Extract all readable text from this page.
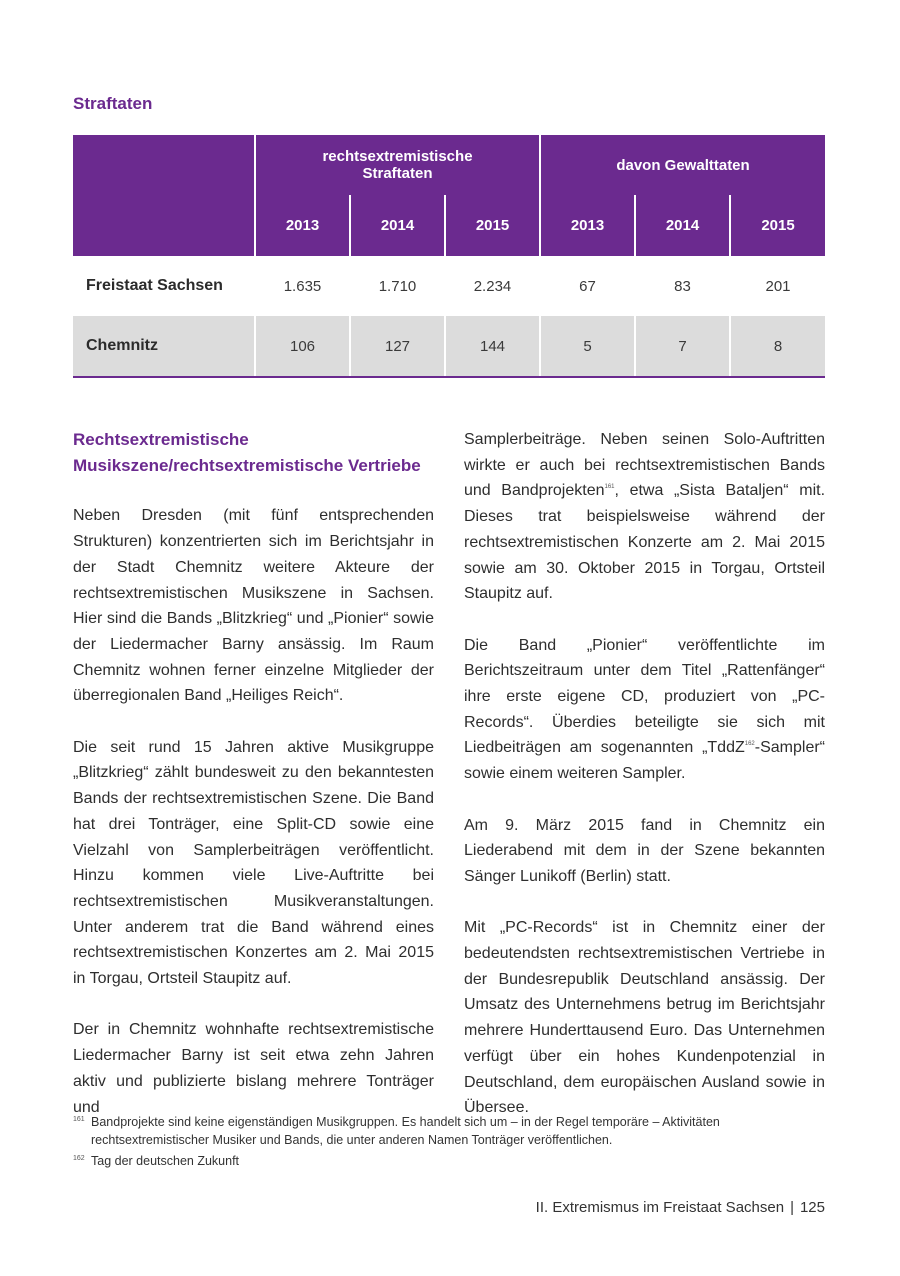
Straftaten
	rechtsextremistische Straftaten			davon Gewalttaten		
	2013	2014	2015	2013	2014	2015
Freistaat Sachsen	1.635	1.710	2.234	67	83	201
Chemnitz	106	127	144	5	7	8
Rechtsextremistische Musikszene/rechtsextremistische Vertriebe

Neben Dresden (mit fünf entsprechenden Strukturen) konzentrierten sich im Berichtsjahr in der Stadt Chemnitz weitere Akteure der rechtsextremistischen Musikszene in Sachsen. Hier sind die Bands „Blitzkrieg“ und „Pionier“ sowie der Liedermacher Barny ansässig. Im Raum Chemnitz wohnen ferner einzelne Mitglieder der überregionalen Band „Heiliges Reich“.

Die seit rund 15 Jahren aktive Musikgruppe „Blitzkrieg“ zählt bundesweit zu den bekanntesten Bands der rechtsextremistischen Szene. Die Band hat drei Tonträger, eine Split-CD sowie eine Vielzahl von Samplerbeiträgen veröffentlicht. Hinzu kommen viele Live-Auftritte bei rechtsextremistischen Musikveranstaltungen. Unter anderem trat die Band während eines rechtsextremistischen Konzertes am 2. Mai 2015 in Torgau, Ortsteil Staupitz auf.

Der in Chemnitz wohnhafte rechtsextremistische Liedermacher Barny ist seit etwa zehn Jahren aktiv und publizierte bislang mehrere Tonträger und

Samplerbeiträge. Neben seinen Solo-Auftritten wirkte er auch bei rechtsextremistischen Bands und Bandprojekten$^{161}$, etwa „Sista Bataljen“ mit. Dieses trat beispielsweise während der rechtsextremistischen Konzerte am 2. Mai 2015 sowie am 30. Oktober 2015 in Torgau, Ortsteil Staupitz auf.

Die Band „Pionier“ veröffentlichte im Berichtszeitraum unter dem Titel „Rattenfänger“ ihre erste eigene CD, produziert von „PC-Records“. Überdies beteiligte sie sich mit Liedbeiträgen am sogenannten „TddZ$^{162}$-Sampler“ sowie einem weiteren Sampler.

Am 9. März 2015 fand in Chemnitz ein Liederabend mit dem in der Szene bekannten Sänger Lunikoff (Berlin) statt.

Mit „PC-Records“ ist in Chemnitz einer der bedeutendsten rechtsextremistischen Vertriebe in der Bundesrepublik Deutschland ansässig. Der Umsatz des Unternehmens betrug im Berichtsjahr mehrere Hunderttausend Euro. Das Unternehmen verfügt über ein hohes Kundenpotenzial in Deutschland, dem europäischen Ausland sowie in Übersee.

161 Bandprojekte sind keine eigenständigen Musikgruppen. Es handelt sich um – in der Regel temporäre – Aktivitäten rechtsextremistischer Musiker und Bands, die unter anderen Namen Tonträger veröffentlichen.
162 Tag der deutschen Zukunft
II. Extremismus im Freistaat Sachsen | 125
